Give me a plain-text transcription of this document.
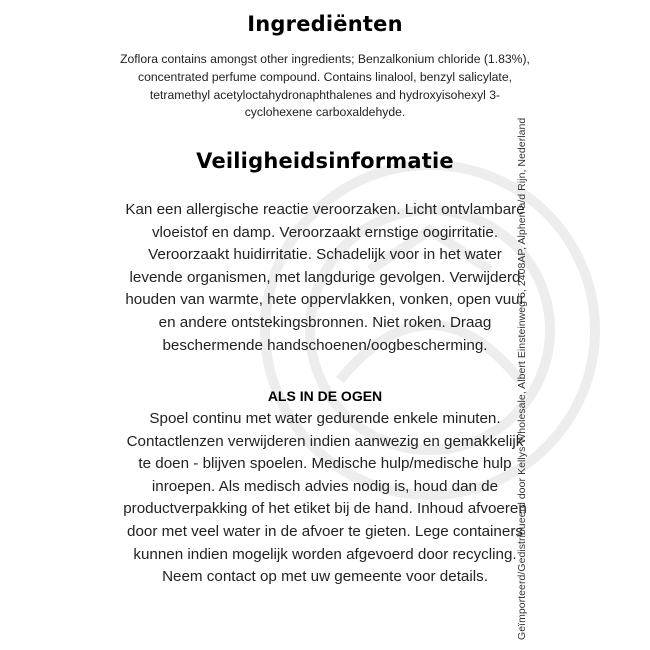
Ingrediënten

Zoflora contains amongst other ingredients; Benzalkonium chloride (1.83%), concentrated perfume compound. Contains linalool, benzyl salicylate, tetramethyl acetyloctahydronaphthalenes and hydroxyisohexyl 3-cyclohexene carboxaldehyde.

Veiligheidsinformatie

Kan een allergische reactie veroorzaken. Licht ontvlambare vloeistof en damp. Veroorzaakt ernstige oogirritatie. Veroorzaakt huidirritatie. Schadelijk voor in het water levende organismen, met langdurige gevolgen. Verwijderd houden van warmte, hete oppervlakken, vonken, open vuur en andere ontstekingsbronnen. Niet roken. Draag beschermende handschoenen/oogbescherming.

ALS IN DE OGEN

Spoel continu met water gedurende enkele minuten. Contactlenzen verwijderen indien aanwezig en gemakkelijk te doen - blijven spoelen. Medische hulp/medische hulp inroepen. Als medisch advies nodig is, houd dan de productverpakking of het etiket bij de hand. Inhoud afvoeren door met veel water in de afvoer te gieten. Lege containers kunnen indien mogelijk worden afgevoerd door recycling. Neem contact op met uw gemeente voor details.	Geïmporteerd/Gedistribueerd door Kellys Wholesale, Albert Einsteinweg 5, 2408AP, Alphen a/d Rijn, Nederland
